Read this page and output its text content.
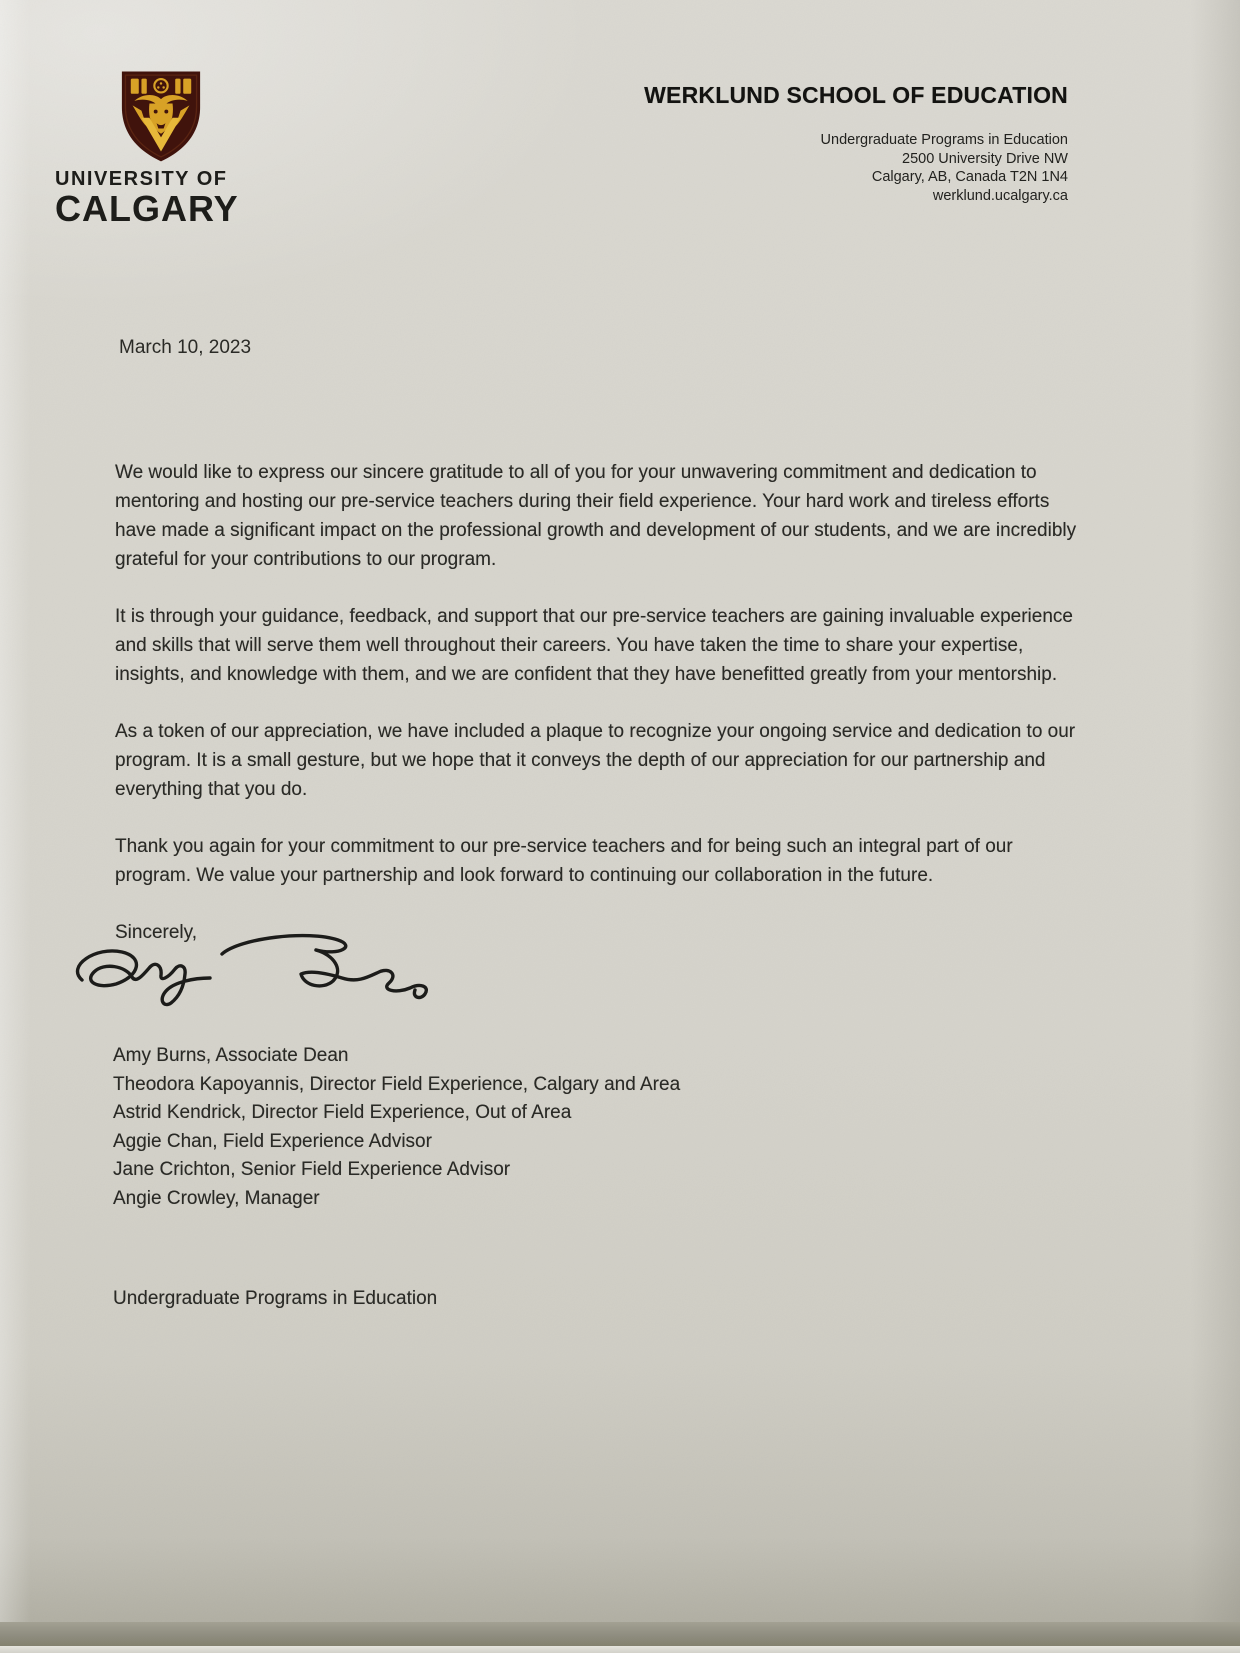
UNIVERSITY OF
CALGARY
WERKLUND SCHOOL OF EDUCATION
Undergraduate Programs in Education
2500 University Drive NW
Calgary, AB, Canada T2N 1N4
werklund.ucalgary.ca
March 10, 2023

We would like to express our sincere gratitude to all of you for your unwavering commitment and dedication to mentoring and hosting our pre-service teachers during their field experience. Your hard work and tireless efforts have made a significant impact on the professional growth and development of our students, and we are incredibly grateful for your contributions to our program.

It is through your guidance, feedback, and support that our pre-service teachers are gaining invaluable experience and skills that will serve them well throughout their careers. You have taken the time to share your expertise, insights, and knowledge with them, and we are confident that they have benefitted greatly from your mentorship.

As a token of our appreciation, we have included a plaque to recognize your ongoing service and dedication to our program. It is a small gesture, but we hope that it conveys the depth of our appreciation for our partnership and everything that you do.

Thank you again for your commitment to our pre-service teachers and for being such an integral part of our program. We value your partnership and look forward to continuing our collaboration in the future.

Sincerely,

Amy Burns, Associate Dean
Theodora Kapoyannis, Director Field Experience, Calgary and Area
Astrid Kendrick, Director Field Experience, Out of Area
Aggie Chan, Field Experience Advisor
Jane Crichton, Senior Field Experience Advisor
Angie Crowley, Manager
Undergraduate Programs in Education
